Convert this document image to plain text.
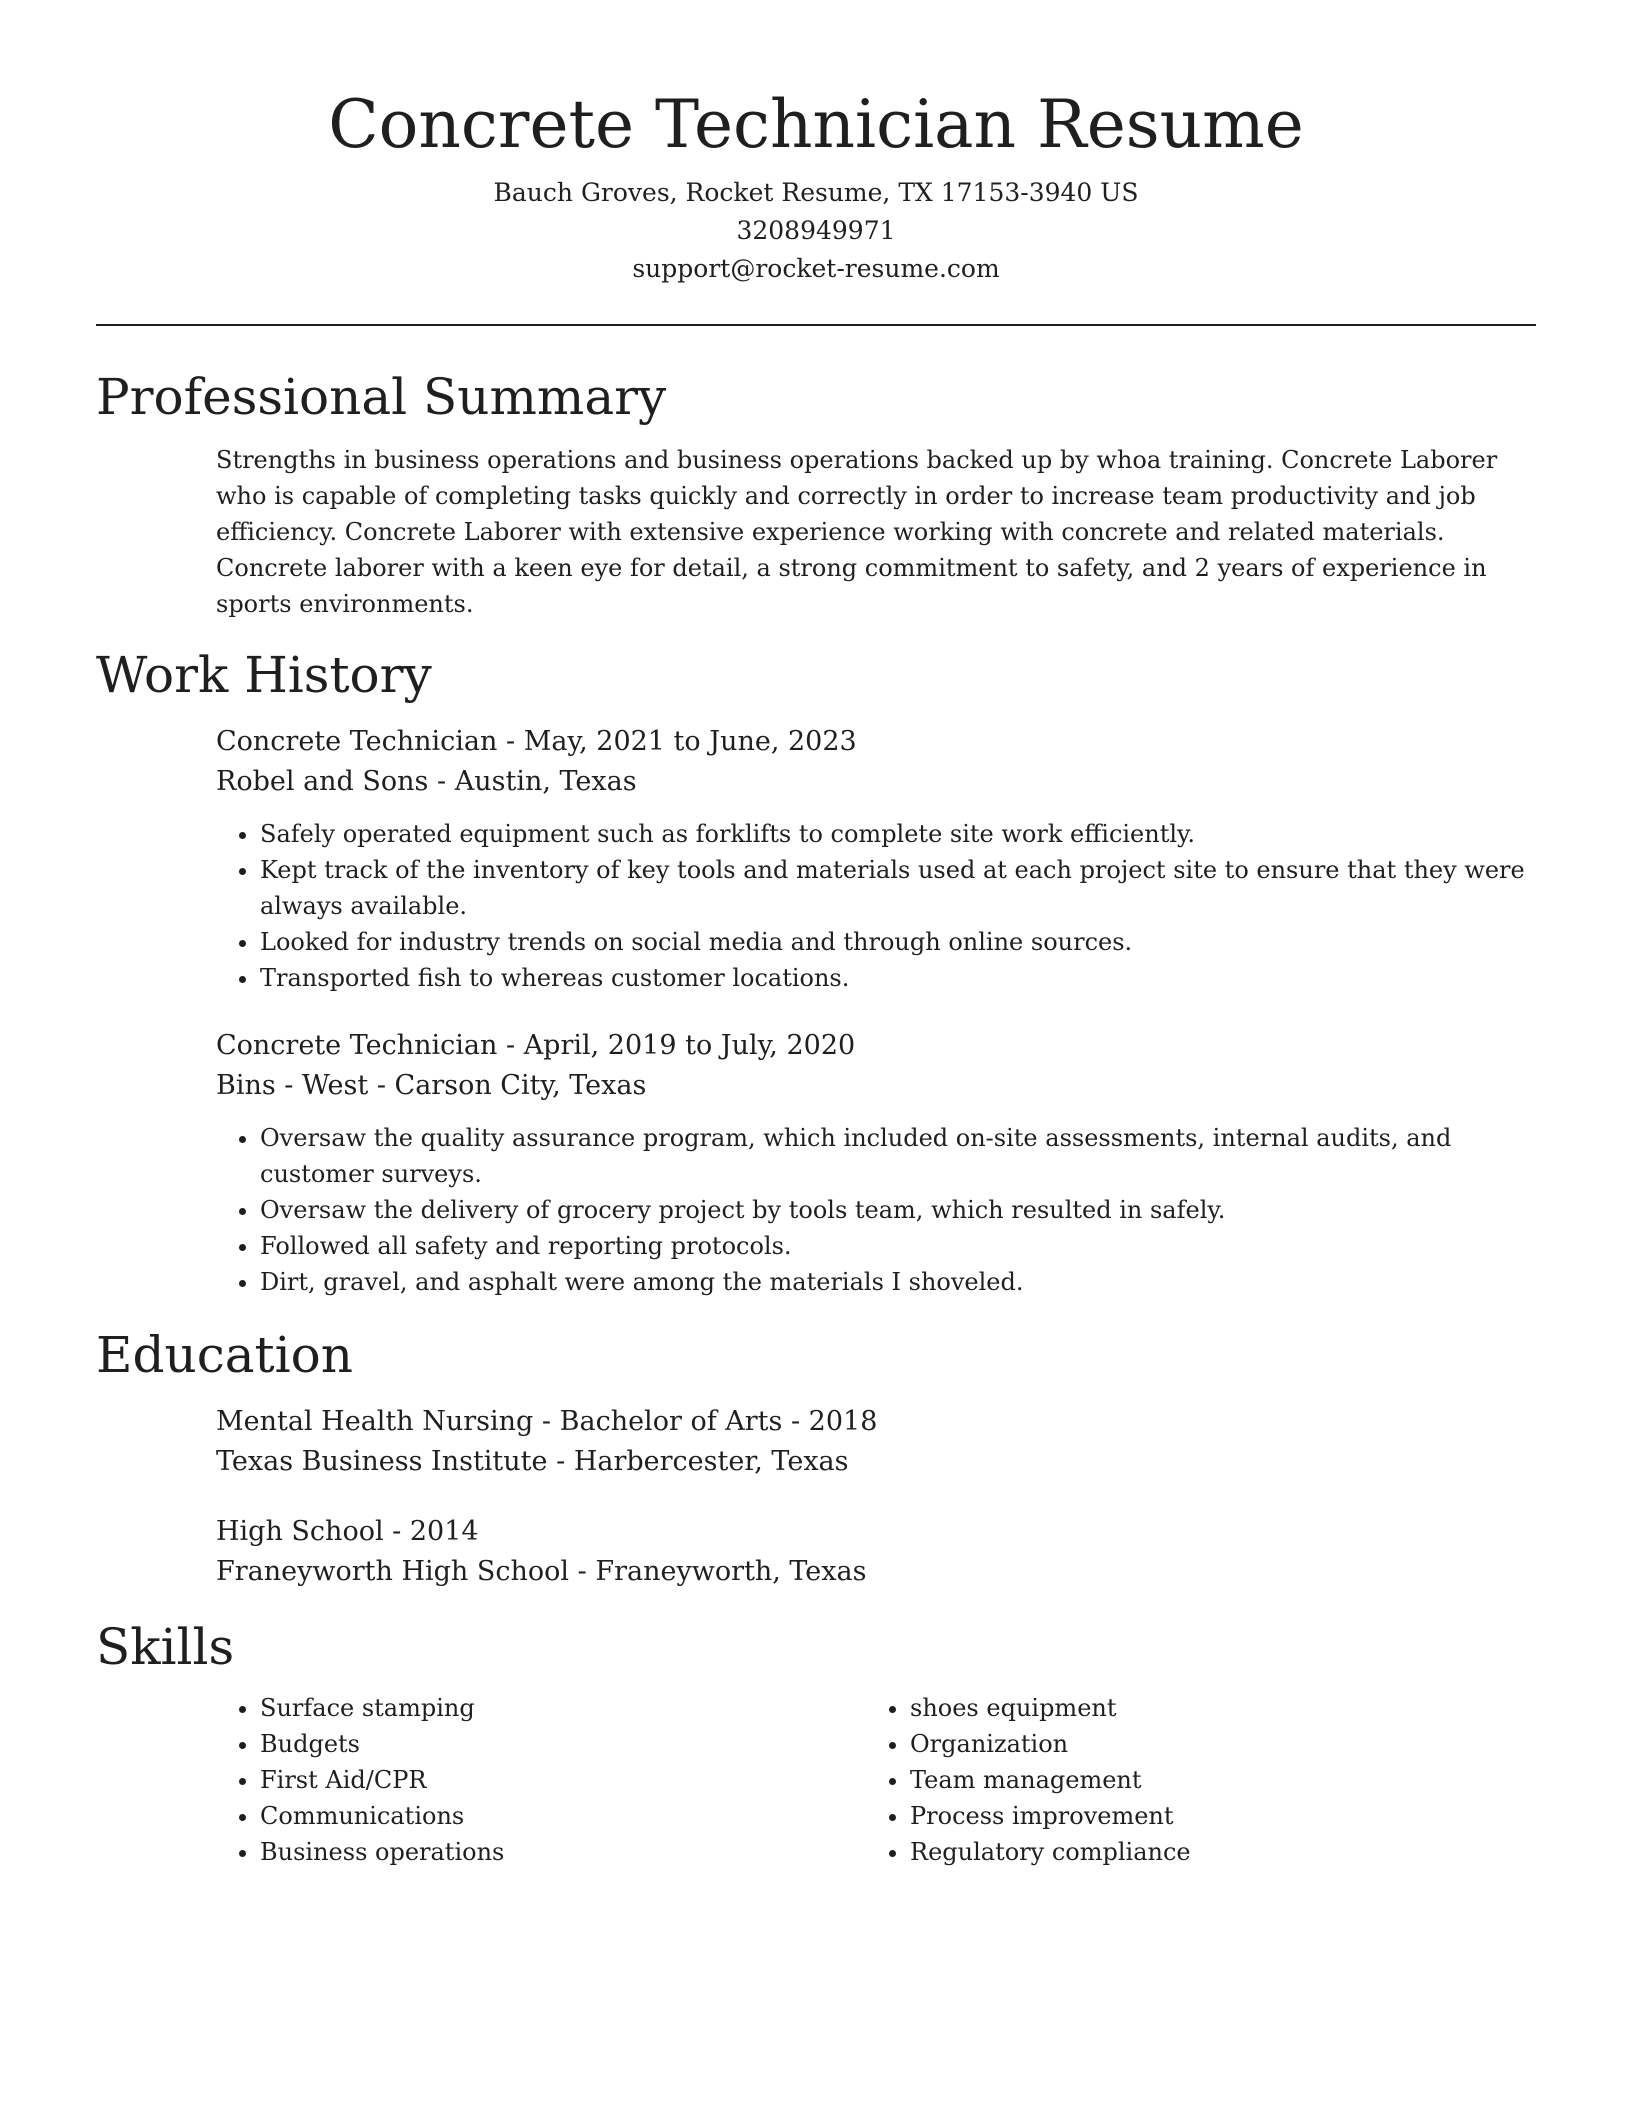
Concrete Technician Resume
Bauch Groves, Rocket Resume, TX 17153-3940 US
3208949971
support@rocket-resume.com
Professional Summary

Strengths in business operations and business operations backed up by whoa training. Concrete Laborer who is capable of completing tasks quickly and correctly in order to increase team productivity and job efficiency. Concrete Laborer with extensive experience working with concrete and related materials. Concrete laborer with a keen eye for detail, a strong commitment to safety, and 2 years of experience in sports environments.

Work History
Concrete Technician - May, 2021 to June, 2023
Robel and Sons - Austin, Texas
• Safely operated equipment such as forklifts to complete site work efficiently.
• Kept track of the inventory of key tools and materials used at each project site to ensure that they were always available.
• Looked for industry trends on social media and through online sources.
• Transported fish to whereas customer locations.
Concrete Technician - April, 2019 to July, 2020
Bins - West - Carson City, Texas
• Oversaw the quality assurance program, which included on-site assessments, internal audits, and customer surveys.
• Oversaw the delivery of grocery project by tools team, which resulted in safely.
• Followed all safety and reporting protocols.
• Dirt, gravel, and asphalt were among the materials I shoveled.
Education
Mental Health Nursing - Bachelor of Arts - 2018
Texas Business Institute - Harbercester, Texas
High School - 2014
Franeyworth High School - Franeyworth, Texas
Skills
• Surface stamping
• Budgets
• First Aid/CPR
• Communications
• Business operations
• shoes equipment
• Organization
• Team management
• Process improvement
• Regulatory compliance
